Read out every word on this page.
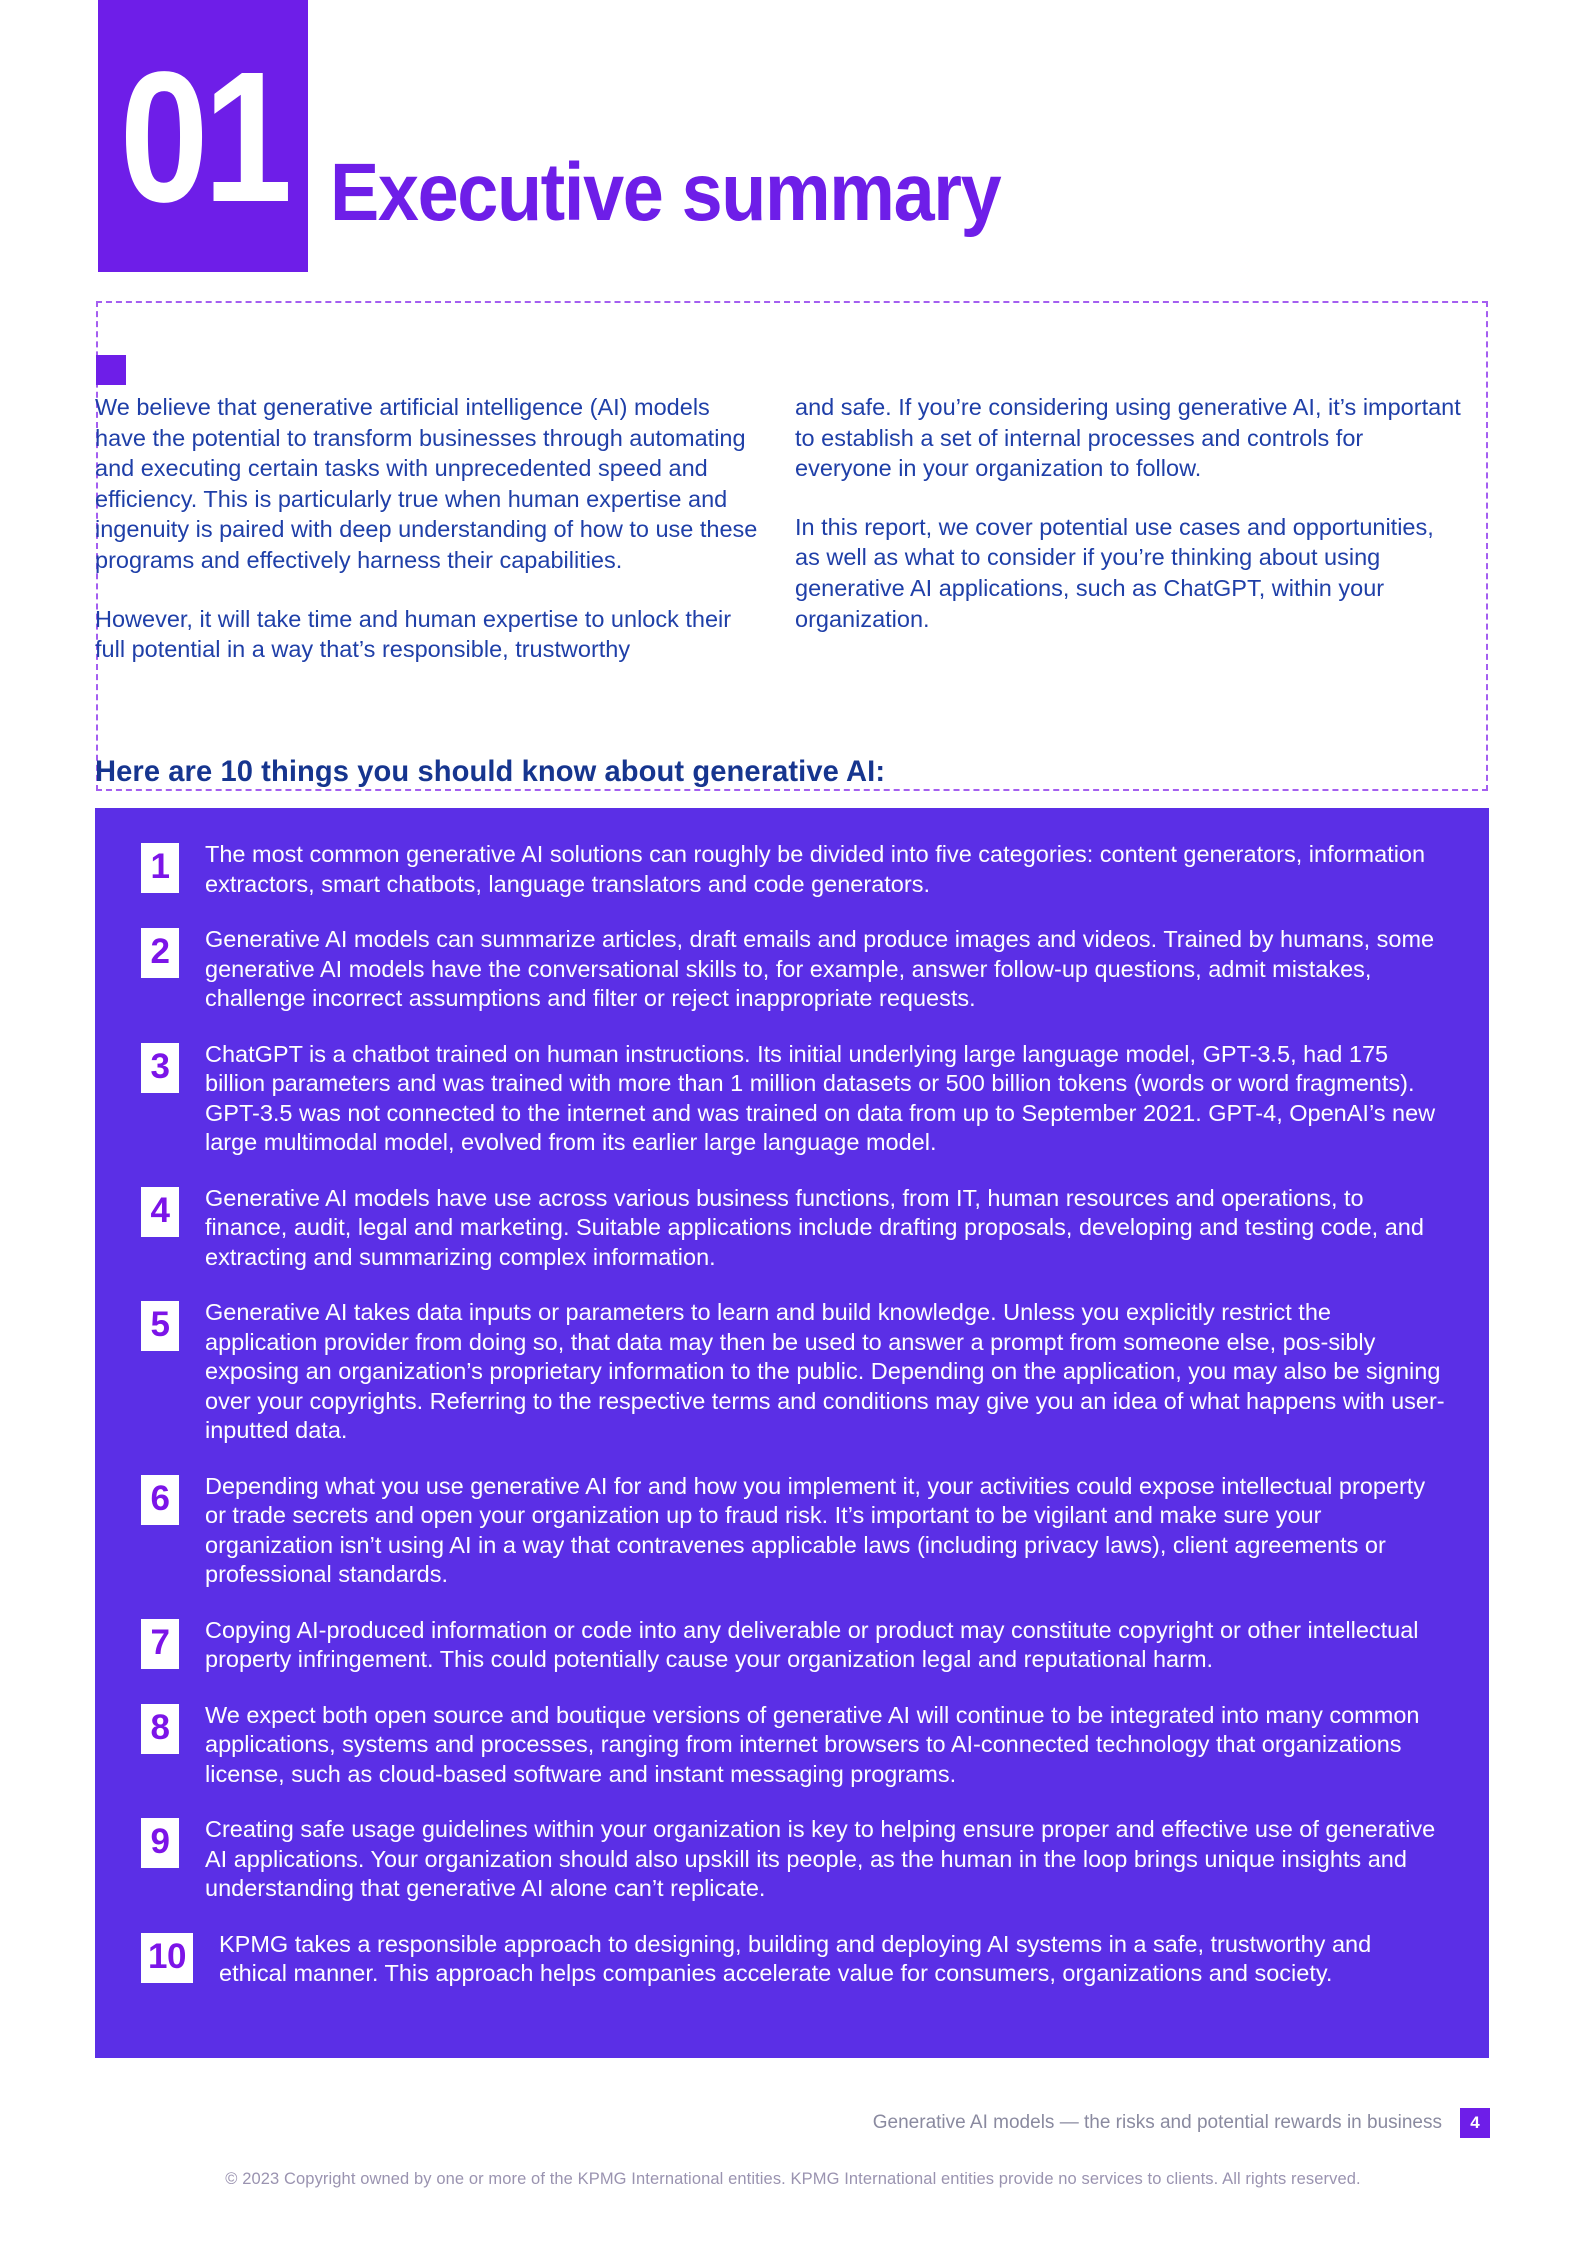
01 Executive summary

We believe that generative artificial intelligence (AI) models have the potential to transform businesses through automating and executing certain tasks with unprecedented speed and efficiency. This is particularly true when human expertise and ingenuity is paired with deep understanding of how to use these programs and effectively harness their capabilities.

However, it will take time and human expertise to unlock their full potential in a way that’s responsible, trustworthy

and safe. If you’re considering using generative AI, it’s important to establish a set of internal processes and controls for everyone in your organization to follow.

In this report, we cover potential use cases and opportunities, as well as what to consider if you’re thinking about using generative AI applications, such as ChatGPT, within your organization.

Here are 10 things you should know about generative AI:
1	The most common generative AI solutions can roughly be divided into five categories: content generators, information extractors, smart chatbots, language translators and code generators.
2	Generative AI models can summarize articles, draft emails and produce images and videos. Trained by humans, some generative AI models have the conversational skills to, for example, answer follow-up questions, admit mistakes, challenge incorrect assumptions and filter or reject inappropriate requests.
3	ChatGPT is a chatbot trained on human instructions. Its initial underlying large language model, GPT-3.5, had 175 billion parameters and was trained with more than 1 million datasets or 500 billion tokens (words or word fragments). GPT-3.5 was not connected to the internet and was trained on data from up to September 2021. GPT-4, OpenAI’s new large multimodal model, evolved from its earlier large language model.
4	Generative AI models have use across various business functions, from IT, human resources and operations, to finance, audit, legal and marketing. Suitable applications include drafting proposals, developing and testing code, and extracting and summarizing complex information.
5	Generative AI takes data inputs or parameters to learn and build knowledge. Unless you explicitly restrict the application provider from doing so, that data may then be used to answer a prompt from someone else, pos-sibly exposing an organization’s proprietary information to the public. Depending on the application, you may also be signing over your copyrights. Referring to the respective terms and conditions may give you an idea of what happens with user-inputted data.
6	Depending what you use generative AI for and how you implement it, your activities could expose intellectual property or trade secrets and open your organization up to fraud risk. It’s important to be vigilant and make sure your organization isn’t using AI in a way that contravenes applicable laws (including privacy laws), client agreements or professional standards.
7	Copying AI-produced information or code into any deliverable or product may constitute copyright or other intellectual property infringement. This could potentially cause your organization legal and reputational harm.
8	We expect both open source and boutique versions of generative AI will continue to be integrated into many common applications, systems and processes, ranging from internet browsers to AI-connected technology that organizations license, such as cloud-based software and instant messaging programs.
9	Creating safe usage guidelines within your organization is key to helping ensure proper and effective use of generative AI applications. Your organization should also upskill its people, as the human in the loop brings unique insights and understanding that generative AI alone can’t replicate.
10 KPMG takes a responsible approach to designing, building and deploying AI systems in a safe, trustworthy and ethical manner. This approach helps companies accelerate value for consumers, organizations and society.
Generative AI models — the risks and potential rewards in business	4
© 2023 Copyright owned by one or more of the KPMG International entities. KPMG International entities provide no services to clients. All rights reserved.
